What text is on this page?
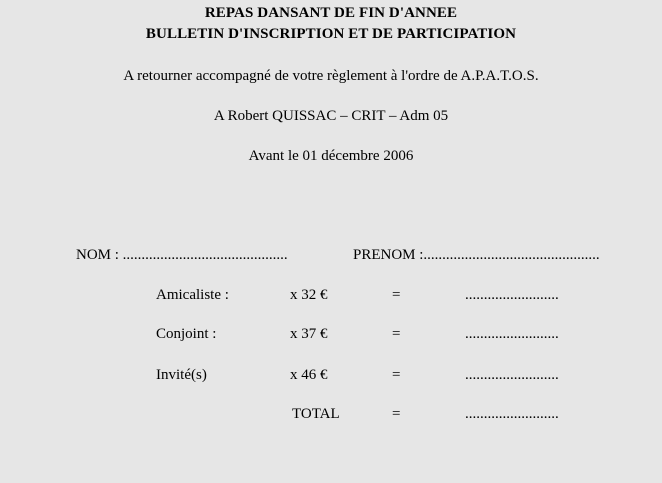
REPAS DANSANT DE FIN D'ANNEE
BULLETIN D'INSCRIPTION ET DE PARTICIPATION
A retourner accompagné de votre règlement à l'ordre de A.P.A.T.O.S.
A Robert QUISSAC – CRIT – Adm 05
Avant le 01 décembre 2006
NOM : ............................................	PRENOM :...............................................
Amicaliste :	x 32 €	=	.........................
Conjoint :	x 37 €	=	.........................
Invité(s)	x 46 €	=	.........................
TOTAL	=	.........................
